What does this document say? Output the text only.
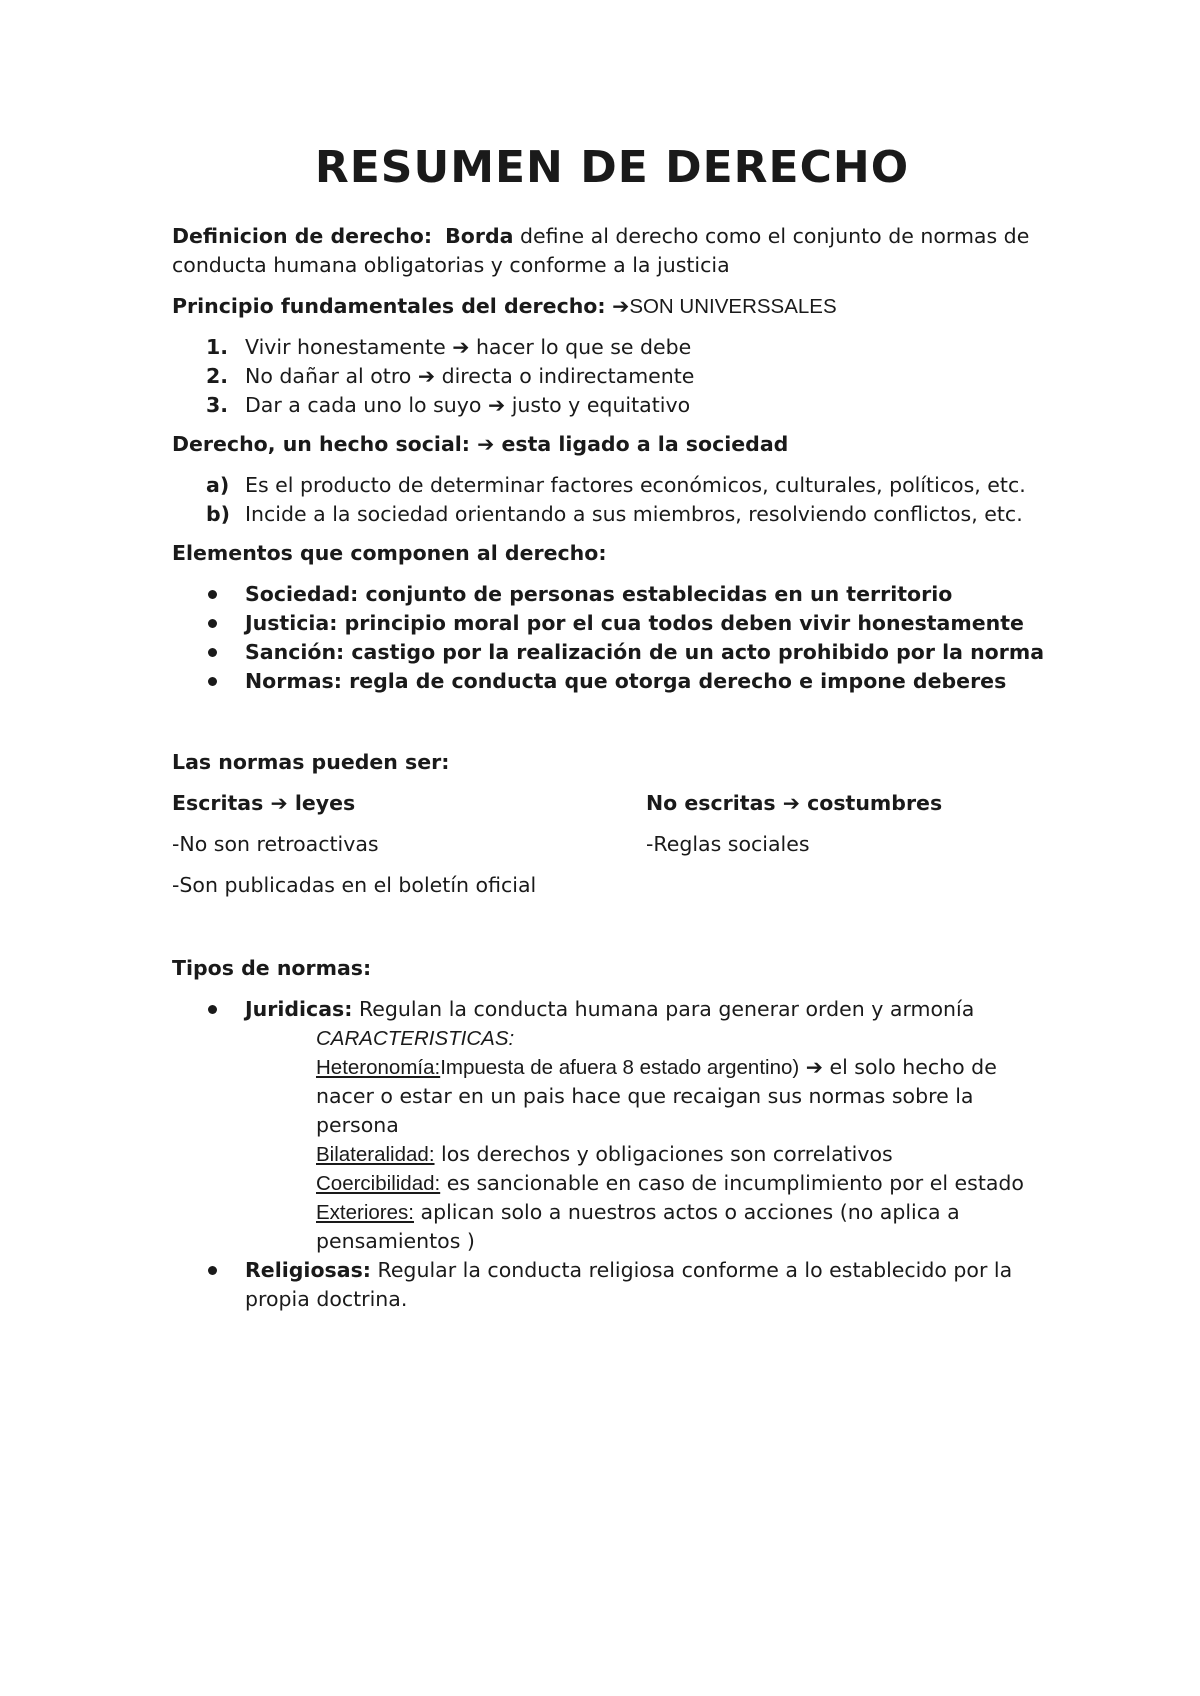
RESUMEN DE DERECHO

Definicion de derecho: Borda define al derecho como el conjunto de normas de conducta humana obligatorias y conforme a la justicia

Principio fundamentales del derecho: ➔SON UNIVERSSALES

1. Vivir honestamente ➔ hacer lo que se debe
2. No dañar al otro ➔ directa o indirectamente
3. Dar a cada uno lo suyo ➔ justo y equitativo

Derecho, un hecho social: ➔ esta ligado a la sociedad

a) Es el producto de determinar factores económicos, culturales, políticos, etc.
b) Incide a la sociedad orientando a sus miembros, resolviendo conflictos, etc.

Elementos que componen al derecho:

Sociedad: conjunto de personas establecidas en un territorio
Justicia: principio moral por el cua todos deben vivir honestamente
Sanción: castigo por la realización de un acto prohibido por la norma
Normas: regla de conducta que otorga derecho e impone deberes

Las normas pueden ser:

Escritas ➔ leyes	No escritas ➔ costumbres
-No son retroactivas	-Reglas sociales
-Son publicadas en el boletín oficial

Tipos de normas:

Juridicas: Regulan la conducta humana para generar orden y armonía
CARACTERISTICAS:
Heteronomía:Impuesta de afuera 8 estado argentino) ➔ el solo hecho de nacer o estar en un pais hace que recaigan sus normas sobre la persona
Bilateralidad: los derechos y obligaciones son correlativos
Coercibilidad: es sancionable en caso de incumplimiento por el estado
Exteriores: aplican solo a nuestros actos o acciones (no aplica a pensamientos )
Religiosas: Regular la conducta religiosa conforme a lo establecido por la propia doctrina.
